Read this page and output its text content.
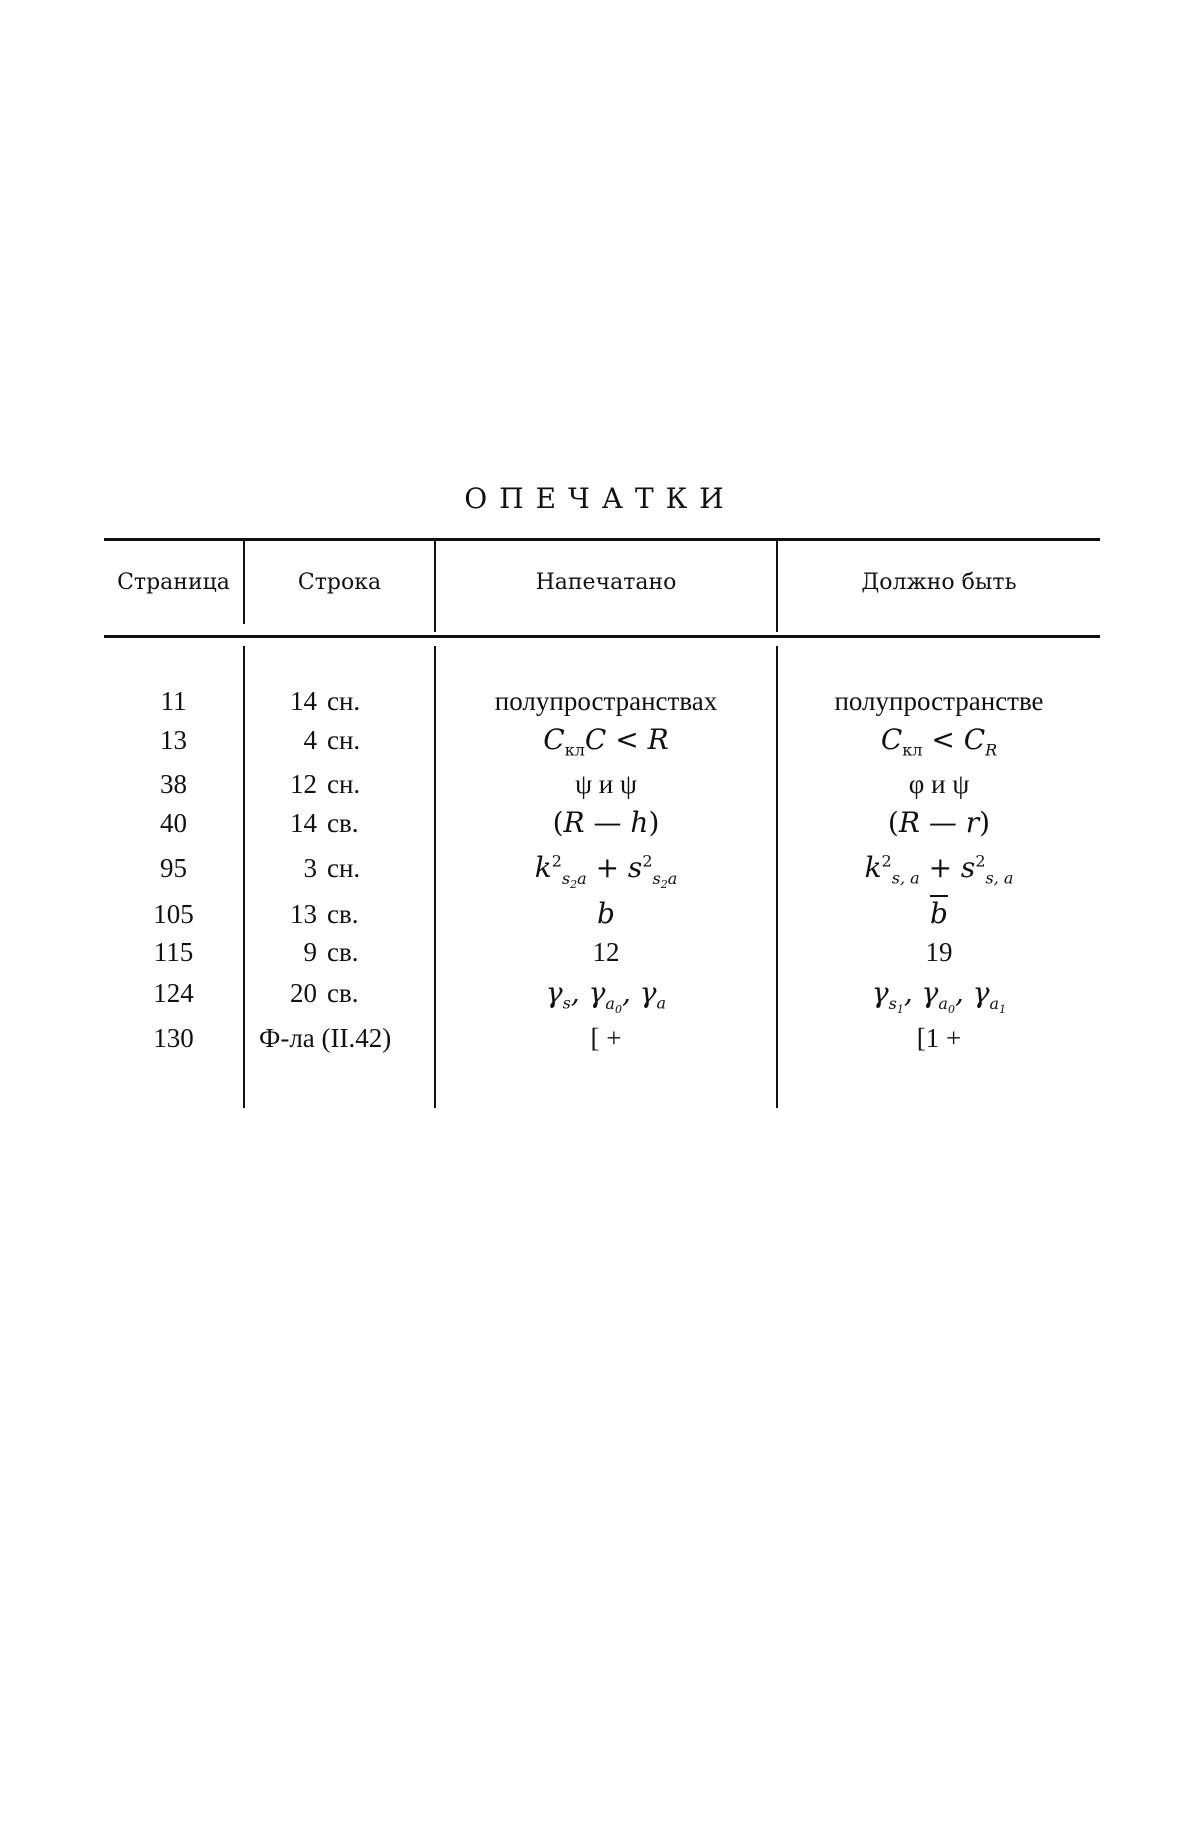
ОПЕЧАТКИ
Страница	Строка	Напечатано	Должно быть
11	14 сн.	полупространствах	полупространстве
13	4 сн.	$C_{кл}C < R$	$C_{кл} < C_R$
38	12 сн.	ψ и ψ	φ и ψ
40	14 св.	(R — h)	(R — r)
95	3 сн.	$k^2_{s_2a} + s^2_{s_2a}$	$k^2_{s, a} + s^2_{s, a}$
105	13 св.	b	$\overline{b}$
115	9 св.	12	19
124	20 св.	$\gamma_s$, $\gamma_{a_0}$, $\gamma_a$	$\gamma_{s_1}$, $\gamma_{a_0}$, $\gamma_{a_1}$
130	Ф-ла (II.42)	[ +	[1 +
